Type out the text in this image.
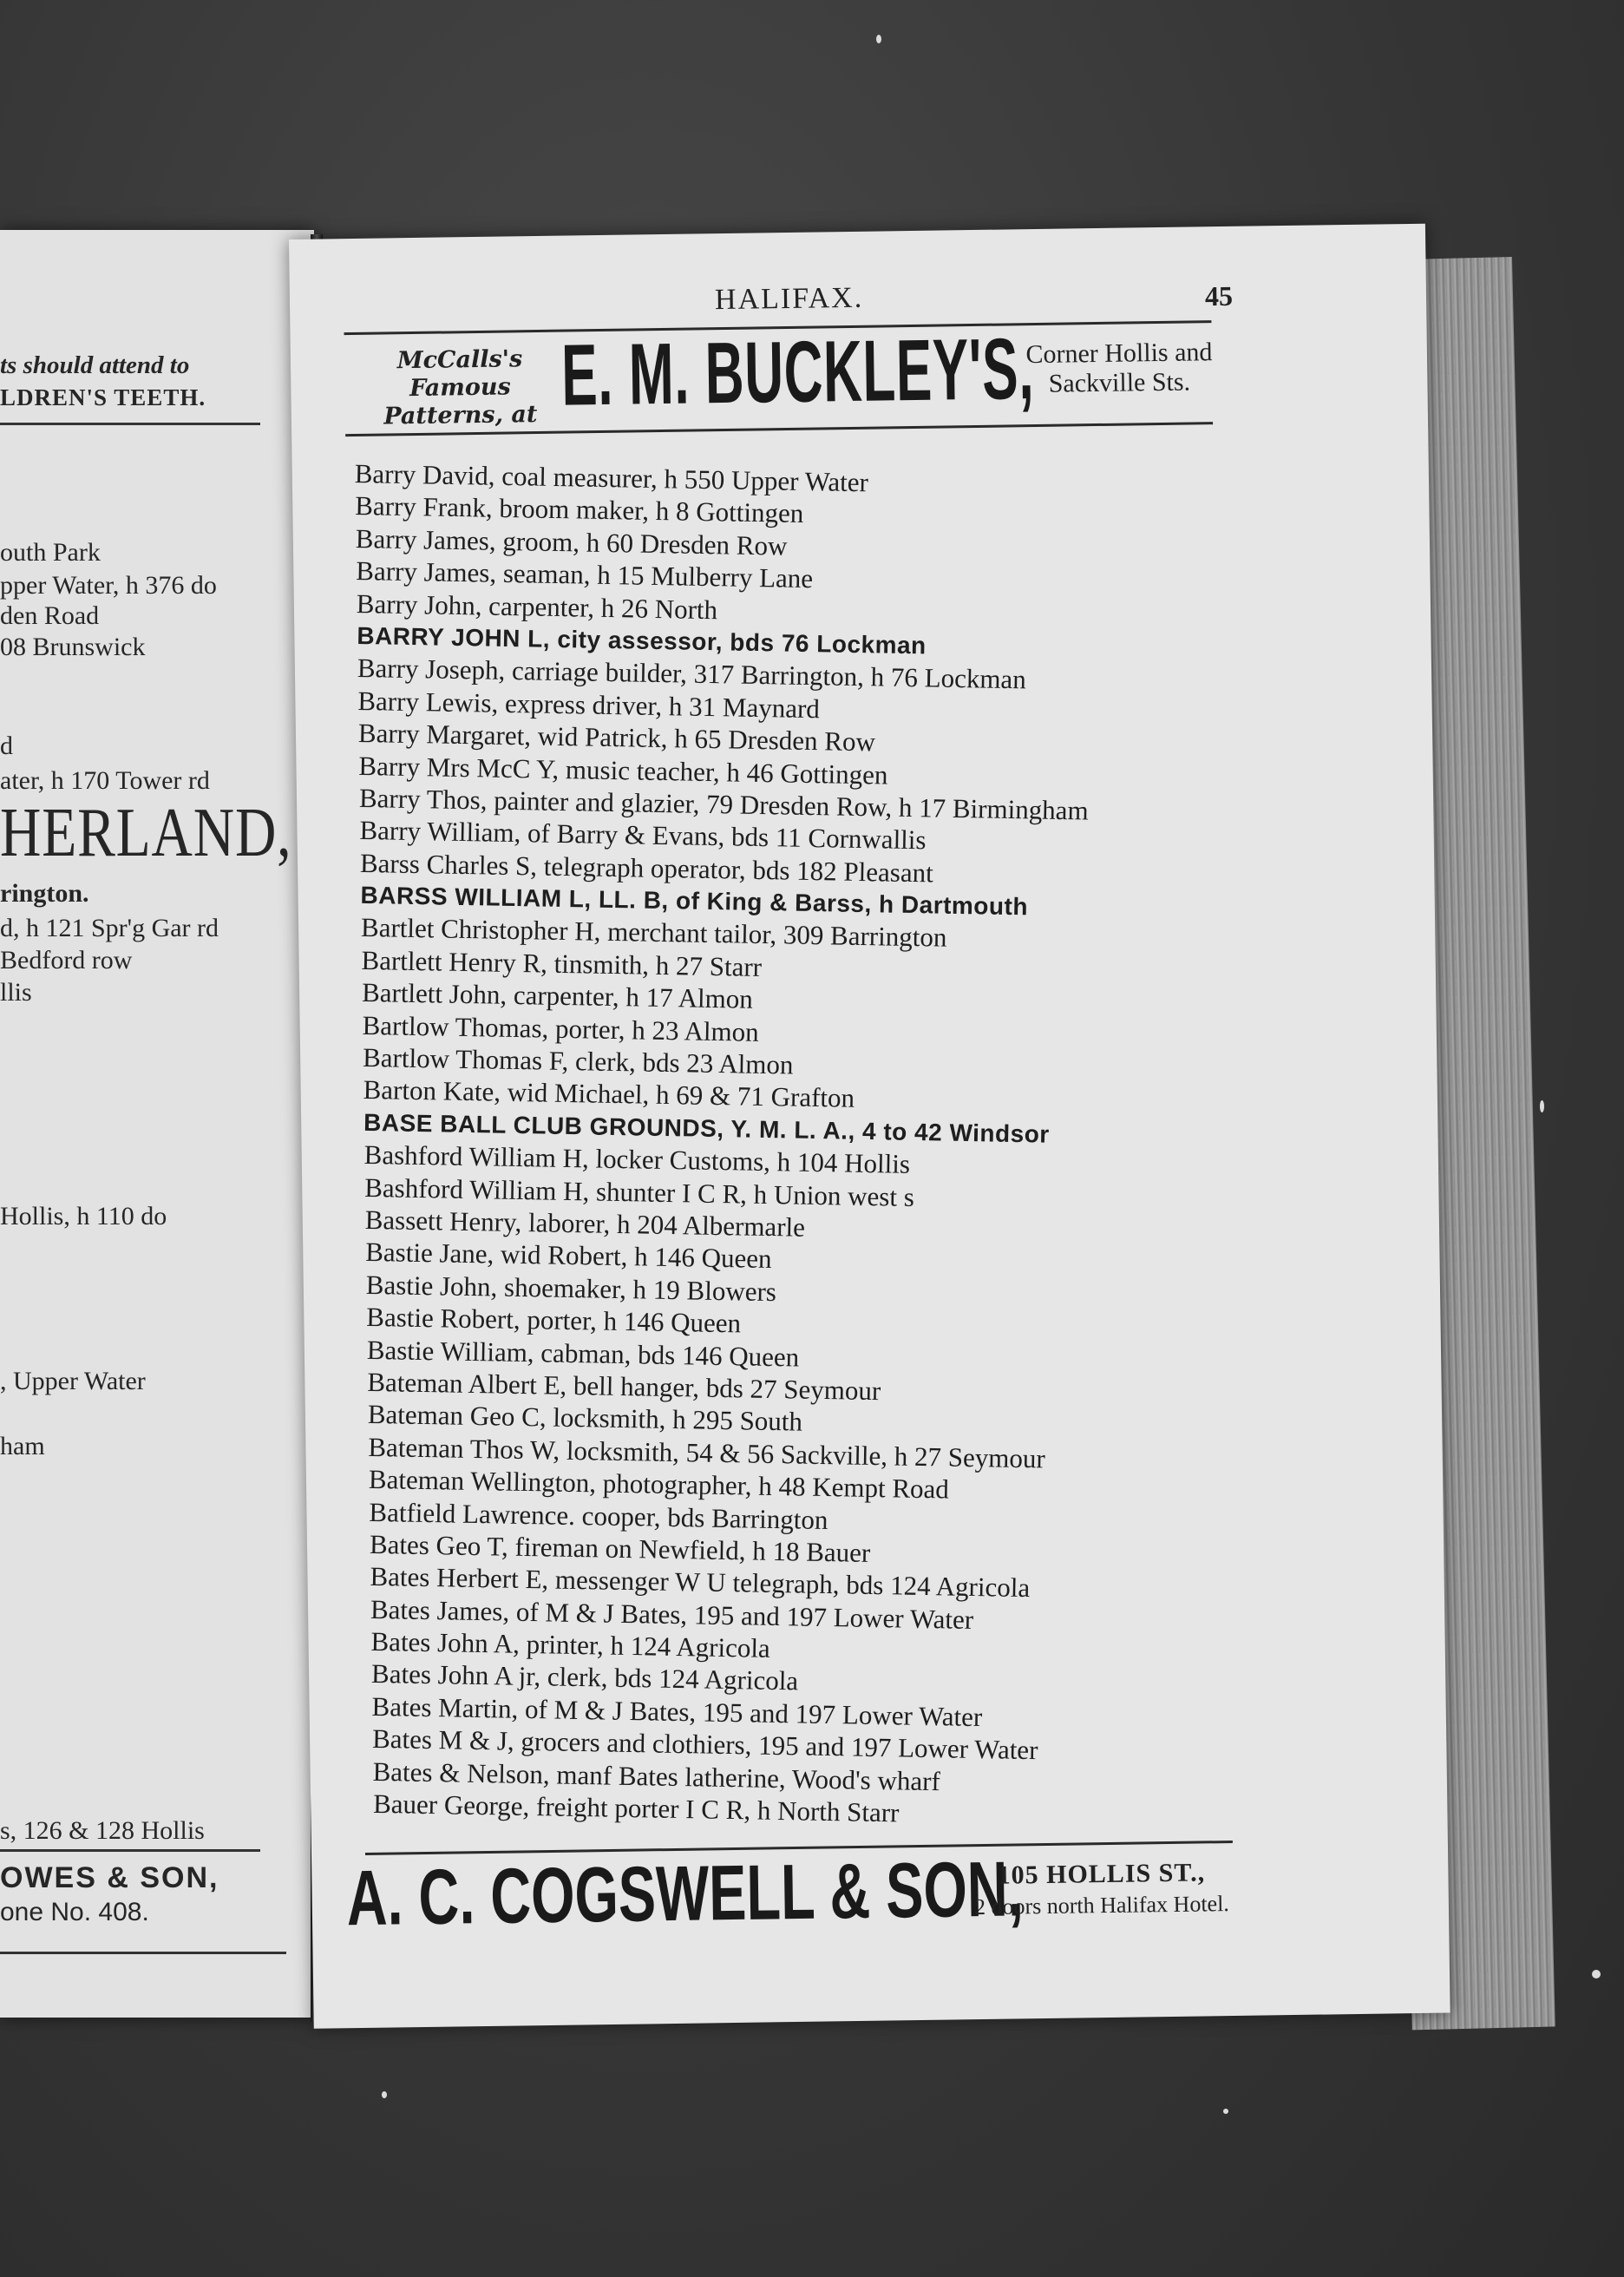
ts should attend to
LDREN'S TEETH.
outh Park
pper Water, h 376 do
den Road
08 Brunswick
d
ater, h 170 Tower rd
HERLAND,
rington.
d, h 121 Spr'g Gar rd
Bedford row
llis
Hollis, h 110 do
, Upper Water
ham
s, 126 & 128 Hollis
OWES & SON,
one No. 408.
HALIFAX.	45
McCalls's Famous Patterns, at E. M. BUCKLEY'S,
Corner Hollis and Sackville Sts.
Barry David, coal measurer, h 550 Upper Water
Barry Frank, broom maker, h 8 Gottingen
Barry James, groom, h 60 Dresden Row
Barry James, seaman, h 15 Mulberry Lane
Barry John, carpenter, h 26 North
BARRY JOHN L, city assessor, bds 76 Lockman
Barry Joseph, carriage builder, 317 Barrington, h 76 Lockman
Barry Lewis, express driver, h 31 Maynard
Barry Margaret, wid Patrick, h 65 Dresden Row
Barry Mrs McC Y, music teacher, h 46 Gottingen
Barry Thos, painter and glazier, 79 Dresden Row, h 17 Birmingham
Barry William, of Barry & Evans, bds 11 Cornwallis
Barss Charles S, telegraph operator, bds 182 Pleasant
BARSS WILLIAM L, LL. B, of King & Barss, h Dartmouth
Bartlet Christopher H, merchant tailor, 309 Barrington
Bartlett Henry R, tinsmith, h 27 Starr
Bartlett John, carpenter, h 17 Almon
Bartlow Thomas, porter, h 23 Almon
Bartlow Thomas F, clerk, bds 23 Almon
Barton Kate, wid Michael, h 69 & 71 Grafton
BASE BALL CLUB GROUNDS, Y. M. L. A., 4 to 42 Windsor
Bashford William H, locker Customs, h 104 Hollis
Bashford William H, shunter I C R, h Union west s
Bassett Henry, laborer, h 204 Albermarle
Bastie Jane, wid Robert, h 146 Queen
Bastie John, shoemaker, h 19 Blowers
Bastie Robert, porter, h 146 Queen
Bastie William, cabman, bds 146 Queen
Bateman Albert E, bell hanger, bds 27 Seymour
Bateman Geo C, locksmith, h 295 South
Bateman Thos W, locksmith, 54 & 56 Sackville, h 27 Seymour
Bateman Wellington, photographer, h 48 Kempt Road
Batfield Lawrence. cooper, bds Barrington
Bates Geo T, fireman on Newfield, h 18 Bauer
Bates Herbert E, messenger W U telegraph, bds 124 Agricola
Bates James, of M & J Bates, 195 and 197 Lower Water
Bates John A, printer, h 124 Agricola
Bates John A jr, clerk, bds 124 Agricola
Bates Martin, of M & J Bates, 195 and 197 Lower Water
Bates M & J, grocers and clothiers, 195 and 197 Lower Water
Bates & Nelson, manf Bates latherine, Wood's wharf
Bauer George, freight porter I C R, h North Starr
A. C. COGSWELL & SON,
105 HOLLIS ST.,
2 doors north Halifax Hotel.
